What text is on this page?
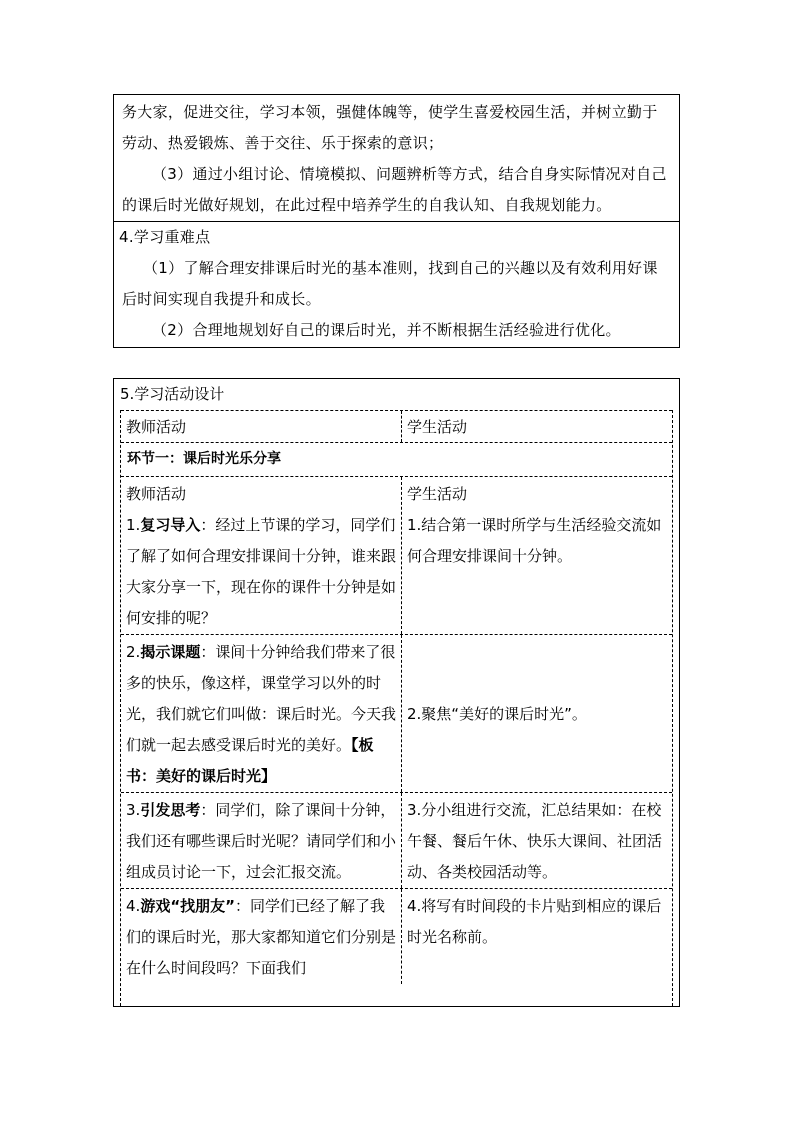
务大家，促进交往，学习本领，强健体魄等，使学生喜爱校园生活，并树立勤于劳动、热爱锻炼、善于交往、乐于探索的意识；

（3）通过小组讨论、情境模拟、问题辨析等方式，结合自身实际情况对自己的课后时光做好规划，在此过程中培养学生的自我认知、自我规划能力。

4.学习重难点

（1）了解合理安排课后时光的基本准则，找到自己的兴趣以及有效利用好课后时间实现自我提升和成长。

（2）合理地规划好自己的课后时光，并不断根据生活经验进行优化。

5.学习活动设计
教师活动	学生活动
环节一：课后时光乐分享
教师活动
1.复习导入：经过上节课的学习，同学们了解了如何合理安排课间十分钟，谁来跟大家分享一下，现在你的课件十分钟是如何安排的呢？
学生活动
1.结合第一课时所学与生活经验交流如何合理安排课间十分钟。
2.揭示课题：课间十分钟给我们带来了很多的快乐，像这样，课堂学习以外的时光，我们就它们叫做：课后时光。今天我们就一起去感受课后时光的美好。【板书：美好的课后时光】
2.聚焦“美好的课后时光”。
3.引发思考：同学们，除了课间十分钟，我们还有哪些课后时光呢？请同学们和小组成员讨论一下，过会汇报交流。
3.分小组进行交流，汇总结果如：在校午餐、餐后午休、快乐大课间、社团活动、各类校园活动等。
4.游戏“找朋友”：同学们已经了解了我们的课后时光，那大家都知道它们分别是在什么时间段吗？下面我们
4.将写有时间段的卡片贴到相应的课后时光名称前。
